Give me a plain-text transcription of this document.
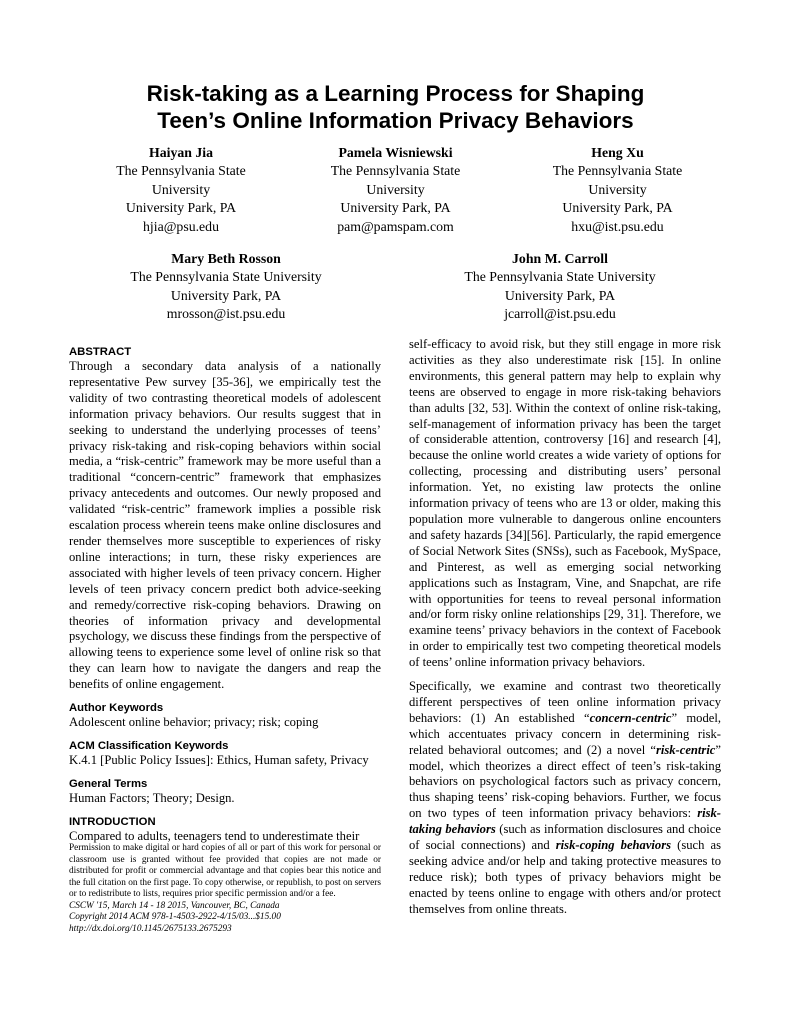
Risk-taking as a Learning Process for Shaping
Teen’s Online Information Privacy Behaviors
Haiyan Jia
The Pennsylvania State
University
University Park, PA
hjia@psu.edu
Pamela Wisniewski
The Pennsylvania State
University
University Park, PA
pam@pamspam.com
Heng Xu
The Pennsylvania State
University
University Park, PA
hxu@ist.psu.edu
Mary Beth Rosson
The Pennsylvania State University
University Park, PA
mrosson@ist.psu.edu
John M. Carroll
The Pennsylvania State University
University Park, PA
jcarroll@ist.psu.edu
ABSTRACT

Through a secondary data analysis of a nationally representative Pew survey [35-36], we empirically test the validity of two contrasting theoretical models of adolescent information privacy behaviors. Our results suggest that in seeking to understand the underlying processes of teens’ privacy risk-taking and risk-coping behaviors within social media, a “risk-centric” framework may be more useful than a traditional “concern-centric” framework that emphasizes privacy antecedents and outcomes. Our newly proposed and validated “risk-centric” framework implies a possible risk escalation process wherein teens make online disclosures and render themselves more susceptible to experiences of risky online interactions; in turn, these risky experiences are associated with higher levels of teen privacy concern. Higher levels of teen privacy concern predict both advice-seeking and remedy/corrective risk-coping behaviors. Drawing on theories of information privacy and developmental psychology, we discuss these findings from the perspective of allowing teens to experience some level of online risk so that they can learn how to navigate the dangers and reap the benefits of online engagement.

Author Keywords

Adolescent online behavior; privacy; risk; coping

ACM Classification Keywords

K.4.1 [Public Policy Issues]: Ethics, Human safety, Privacy

General Terms

Human Factors; Theory; Design.

INTRODUCTION

Compared to adults, teenagers tend to underestimate their

Permission to make digital or hard copies of all or part of this work for personal or classroom use is granted without fee provided that copies are not made or distributed for profit or commercial advantage and that copies bear this notice and the full citation on the first page. To copy otherwise, or republish, to post on servers or to redistribute to lists, requires prior specific permission and/or a fee.

CSCW '15, March 14 - 18 2015, Vancouver, BC, Canada

Copyright 2014 ACM 978-1-4503-2922-4/15/03...$15.00

http://dx.doi.org/10.1145/2675133.2675293

self-efficacy to avoid risk, but they still engage in more risk activities as they also underestimate risk [15]. In online environments, this general pattern may help to explain why teens are observed to engage in more risk-taking behaviors than adults [32, 53]. Within the context of online risk-taking, self-management of information privacy has been the target of considerable attention, controversy [16] and research [4], because the online world creates a wide variety of options for collecting, processing and distributing users’ personal information. Yet, no existing law protects the online information privacy of teens who are 13 or older, making this population more vulnerable to dangerous online encounters and safety hazards [34][56]. Particularly, the rapid emergence of Social Network Sites (SNSs), such as Facebook, MySpace, and Pinterest, as well as emerging social networking applications such as Instagram, Vine, and Snapchat, are rife with opportunities for teens to reveal personal information and/or form risky online relationships [29, 31]. Therefore, we examine teens’ privacy behaviors in the context of Facebook in order to empirically test two competing theoretical models of teens’ online information privacy behaviors.

Specifically, we examine and contrast two theoretically different perspectives of teen online information privacy behaviors: (1) An established “concern-centric” model, which accentuates privacy concern in determining risk-related behavioral outcomes; and (2) a novel “risk-centric” model, which theorizes a direct effect of teen’s risk-taking behaviors on psychological factors such as privacy concern, thus shaping teens’ risk-coping behaviors. Further, we focus on two types of teen information privacy behaviors: risk-taking behaviors (such as information disclosures and choice of social connections) and risk-coping behaviors (such as seeking advice and/or help and taking protective measures to reduce risk); both types of privacy behaviors might be enacted by teens online to engage with others and/or protect themselves from online threats.
